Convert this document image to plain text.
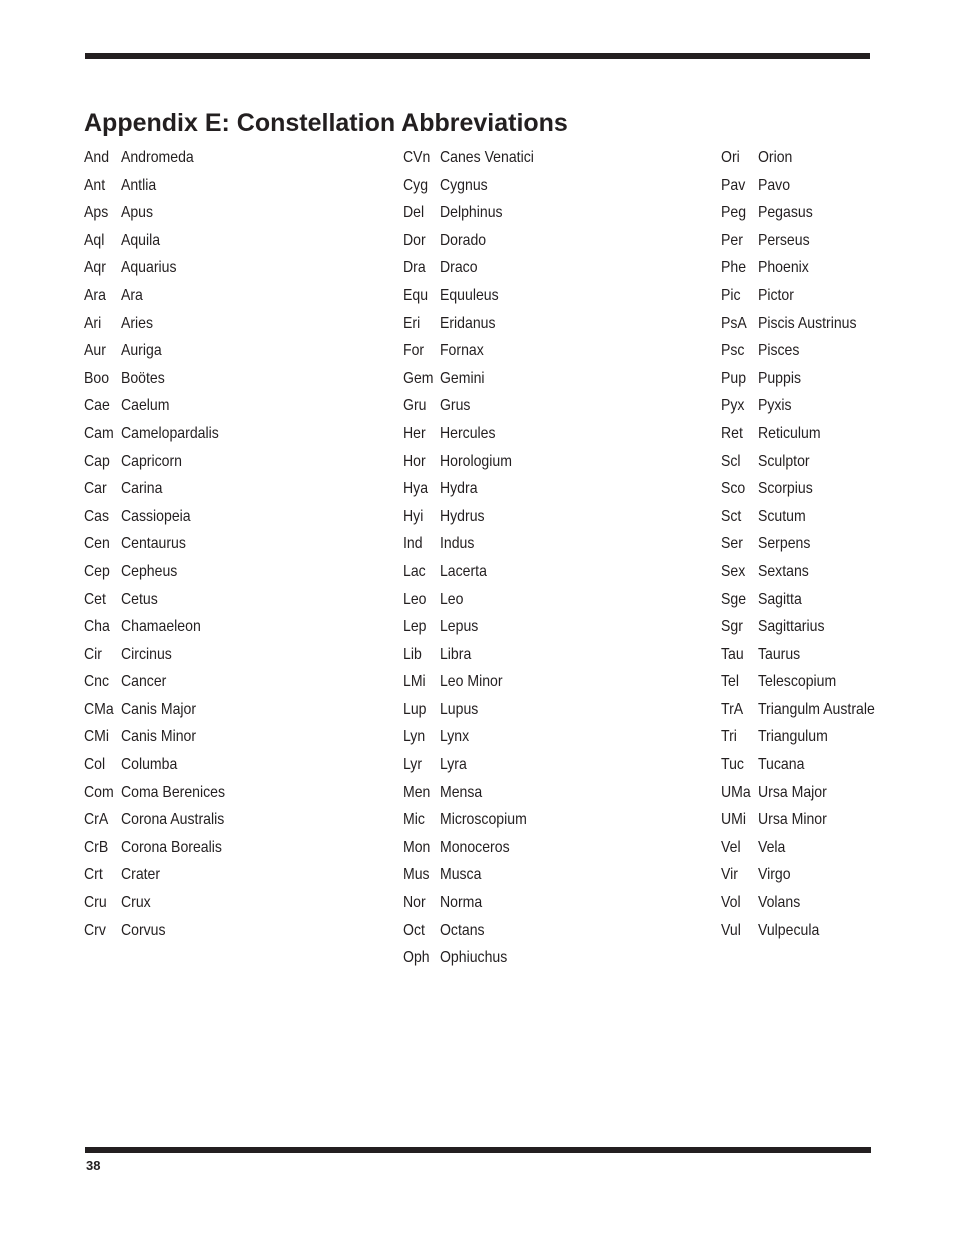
Appendix E: Constellation Abbreviations
And Andromeda
Ant Antlia
Aps Apus
Aql	Aquila
Aqr Aquarius
Ara Ara
Ari	Aries
Aur Auriga
Boo Boötes
Cae Caelum
Cam Camelopardalis
Cap Capricorn
Car Carina
Cas Cassiopeia
Cen Centaurus
Cep Cepheus
Cet Cetus
Cha Chamaeleon
Cir	Circinus
Cnc Cancer
CMa Canis Major
CMi Canis Minor
Col Columba
Com Coma Berenices
CrA Corona Australis
CrB Corona Borealis
Crt	Crater
Cru Crux
Crv Corvus
CVn Canes Venatici
Cyg Cygnus
Del Delphinus
Dor Dorado
Dra Draco
Equ Equuleus
Eri	Eridanus
For Fornax
Gem Gemini
Gru Grus
Her Hercules
Hor Horologium
Hya Hydra
Hyi	Hydrus
Ind	Indus
Lac Lacerta
Leo Leo
Lep Lepus
Lib	Libra
LMi Leo Minor
Lup Lupus
Lyn Lynx
Lyr	Lyra
Men Mensa
Mic Microscopium
Mon Monoceros
Mus Musca
Nor Norma
Oct Octans
Oph Ophiuchus
Ori	Orion
Pav Pavo
Peg Pegasus
Per Perseus
Phe Phoenix
Pic	Pictor
PsA Piscis Austrinus
Psc Pisces
Pup Puppis
Pyx Pyxis
Ret Reticulum
Scl	Sculptor
Sco Scorpius
Sct	Scutum
Ser Serpens
Sex Sextans
Sge Sagitta
Sgr Sagittarius
Tau Taurus
Tel	Telescopium
TrA Triangulm Australe
Tri	Triangulum
Tuc Tucana
UMa Ursa Major
UMi Ursa Minor
Vel	Vela
Vir	Virgo
Vol	Volans
Vul	Vulpecula
38
